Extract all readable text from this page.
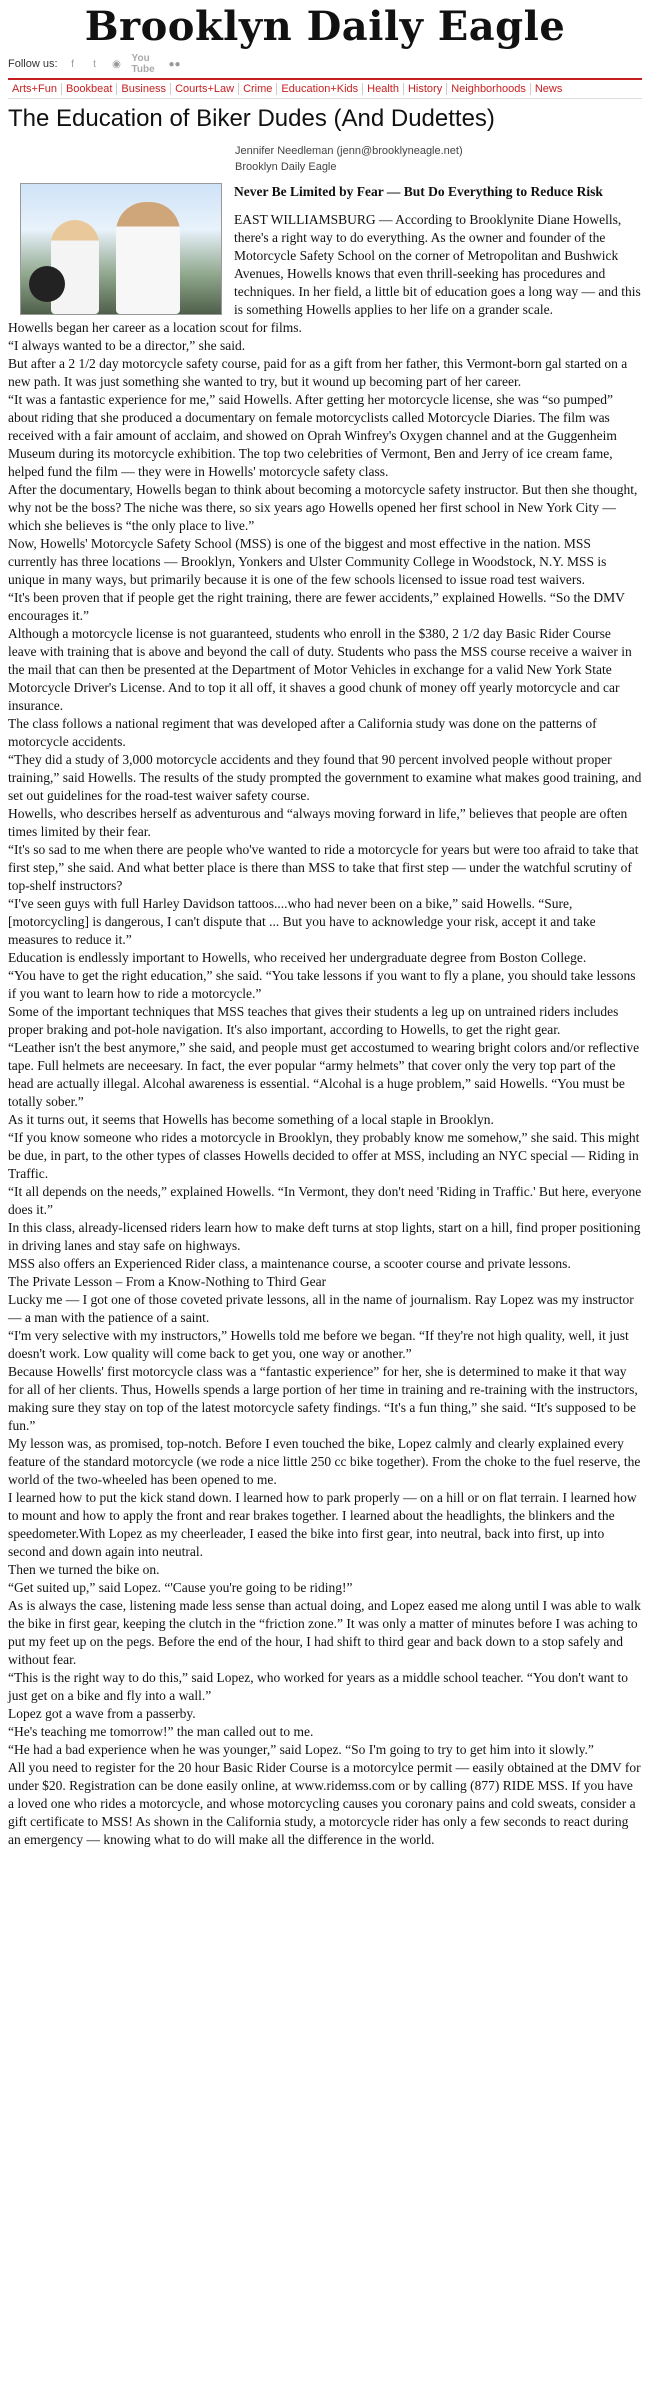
Brooklyn Daily Eagle
Follow us:	f	t	◉ You Tube	●●
Arts+Fun Bookbeat Business Courts+Law Crime Education+Kids Health History Neighborhoods News
The Education of Biker Dudes (And Dudettes)
Jennifer Needleman (jenn@brooklyneagle.net)
Brooklyn Daily Eagle
Never Be Limited by Fear — But Do Everything to Reduce Risk

EAST WILLIAMSBURG — According to Brooklynite Diane Howells, there's a right way to do everything. As the owner and founder of the Motorcycle Safety School on the corner of Metropolitan and Bushwick Avenues, Howells knows that even thrill-seeking has procedures and techniques. In her field, a little bit of education goes a long way — and this is something Howells applies to her life on a grander scale.

Howells began her career as a location scout for films.

“I always wanted to be a director,” she said.

But after a 2 1/2 day motorcycle safety course, paid for as a gift from her father, this Vermont-born gal started on a new path. It was just something she wanted to try, but it wound up becoming part of her career.

“It was a fantastic experience for me,” said Howells. After getting her motorcycle license, she was “so pumped” about riding that she produced a documentary on female motorcyclists called Motorcycle Diaries. The film was received with a fair amount of acclaim, and showed on Oprah Winfrey's Oxygen channel and at the Guggenheim Museum during its motorcycle exhibition. The top two celebrities of Vermont, Ben and Jerry of ice cream fame, helped fund the film — they were in Howells' motorcycle safety class.

After the documentary, Howells began to think about becoming a motorcycle safety instructor. But then she thought, why not be the boss? The niche was there, so six years ago Howells opened her first school in New York City — which she believes is “the only place to live.”

Now, Howells' Motorcycle Safety School (MSS) is one of the biggest and most effective in the nation. MSS currently has three locations — Brooklyn, Yonkers and Ulster Community College in Woodstock, N.Y. MSS is unique in many ways, but primarily because it is one of the few schools licensed to issue road test waivers.

“It's been proven that if people get the right training, there are fewer accidents,” explained Howells. “So the DMV encourages it.”

Although a motorcycle license is not guaranteed, students who enroll in the $380, 2 1/2 day Basic Rider Course leave with training that is above and beyond the call of duty. Students who pass the MSS course receive a waiver in the mail that can then be presented at the Department of Motor Vehicles in exchange for a valid New York State Motorcycle Driver's License. And to top it all off, it shaves a good chunk of money off yearly motorcycle and car insurance.

The class follows a national regiment that was developed after a California study was done on the patterns of motorcycle accidents.

“They did a study of 3,000 motorcycle accidents and they found that 90 percent involved people without proper training,” said Howells. The results of the study prompted the government to examine what makes good training, and set out guidelines for the road-test waiver safety course.

Howells, who describes herself as adventurous and “always moving forward in life,” believes that people are often times limited by their fear.

“It's so sad to me when there are people who've wanted to ride a motorcycle for years but were too afraid to take that first step,” she said. And what better place is there than MSS to take that first step — under the watchful scrutiny of top-shelf instructors?

“I've seen guys with full Harley Davidson tattoos....who had never been on a bike,” said Howells. “Sure, [motorcycling] is dangerous, I can't dispute that ... But you have to acknowledge your risk, accept it and take measures to reduce it.”

Education is endlessly important to Howells, who received her undergraduate degree from Boston College.

“You have to get the right education,” she said. “You take lessons if you want to fly a plane, you should take lessons if you want to learn how to ride a motorcycle.”

Some of the important techniques that MSS teaches that gives their students a leg up on untrained riders includes proper braking and pot-hole navigation. It's also important, according to Howells, to get the right gear.

“Leather isn't the best anymore,” she said, and people must get accostumed to wearing bright colors and/or reflective tape. Full helmets are neceesary. In fact, the ever popular “army helmets” that cover only the very top part of the head are actually illegal. Alcohal awareness is essential. “Alcohal is a huge problem,” said Howells. “You must be totally sober.”

As it turns out, it seems that Howells has become something of a local staple in Brooklyn.

“If you know someone who rides a motorcycle in Brooklyn, they probably know me somehow,” she said. This might be due, in part, to the other types of classes Howells decided to offer at MSS, including an NYC special — Riding in Traffic.

“It all depends on the needs,” explained Howells. “In Vermont, they don't need 'Riding in Traffic.' But here, everyone does it.”

In this class, already-licensed riders learn how to make deft turns at stop lights, start on a hill, find proper positioning in driving lanes and stay safe on highways.

MSS also offers an Experienced Rider class, a maintenance course, a scooter course and private lessons.

The Private Lesson – From a Know-Nothing to Third Gear

Lucky me — I got one of those coveted private lessons, all in the name of journalism. Ray Lopez was my instructor — a man with the patience of a saint.

“I'm very selective with my instructors,” Howells told me before we began. “If they're not high quality, well, it just doesn't work. Low quality will come back to get you, one way or another.”

Because Howells' first motorcycle class was a “fantastic experience” for her, she is determined to make it that way for all of her clients. Thus, Howells spends a large portion of her time in training and re-training with the instructors, making sure they stay on top of the latest motorcycle safety findings. “It's a fun thing,” she said. “It's supposed to be fun.”

My lesson was, as promised, top-notch. Before I even touched the bike, Lopez calmly and clearly explained every feature of the standard motorcycle (we rode a nice little 250 cc bike together). From the choke to the fuel reserve, the world of the two-wheeled has been opened to me.

I learned how to put the kick stand down. I learned how to park properly — on a hill or on flat terrain. I learned how to mount and how to apply the front and rear brakes together. I learned about the headlights, the blinkers and the speedometer.With Lopez as my cheerleader, I eased the bike into first gear, into neutral, back into first, up into second and down again into neutral.

Then we turned the bike on.

“Get suited up,” said Lopez. “'Cause you're going to be riding!”

As is always the case, listening made less sense than actual doing, and Lopez eased me along until I was able to walk the bike in first gear, keeping the clutch in the “friction zone.” It was only a matter of minutes before I was aching to put my feet up on the pegs. Before the end of the hour, I had shift to third gear and back down to a stop safely and without fear.

“This is the right way to do this,” said Lopez, who worked for years as a middle school teacher. “You don't want to just get on a bike and fly into a wall.”

Lopez got a wave from a passerby.

“He's teaching me tomorrow!” the man called out to me.

“He had a bad experience when he was younger,” said Lopez. “So I'm going to try to get him into it slowly.”

All you need to register for the 20 hour Basic Rider Course is a motorcylce permit — easily obtained at the DMV for under $20. Registration can be done easily online, at www.ridemss.com or by calling (877) RIDE MSS. If you have a loved one who rides a motorcycle, and whose motorcycling causes you coronary pains and cold sweats, consider a gift certificate to MSS! As shown in the California study, a motorcycle rider has only a few seconds to react during an emergency — knowing what to do will make all the difference in the world.
